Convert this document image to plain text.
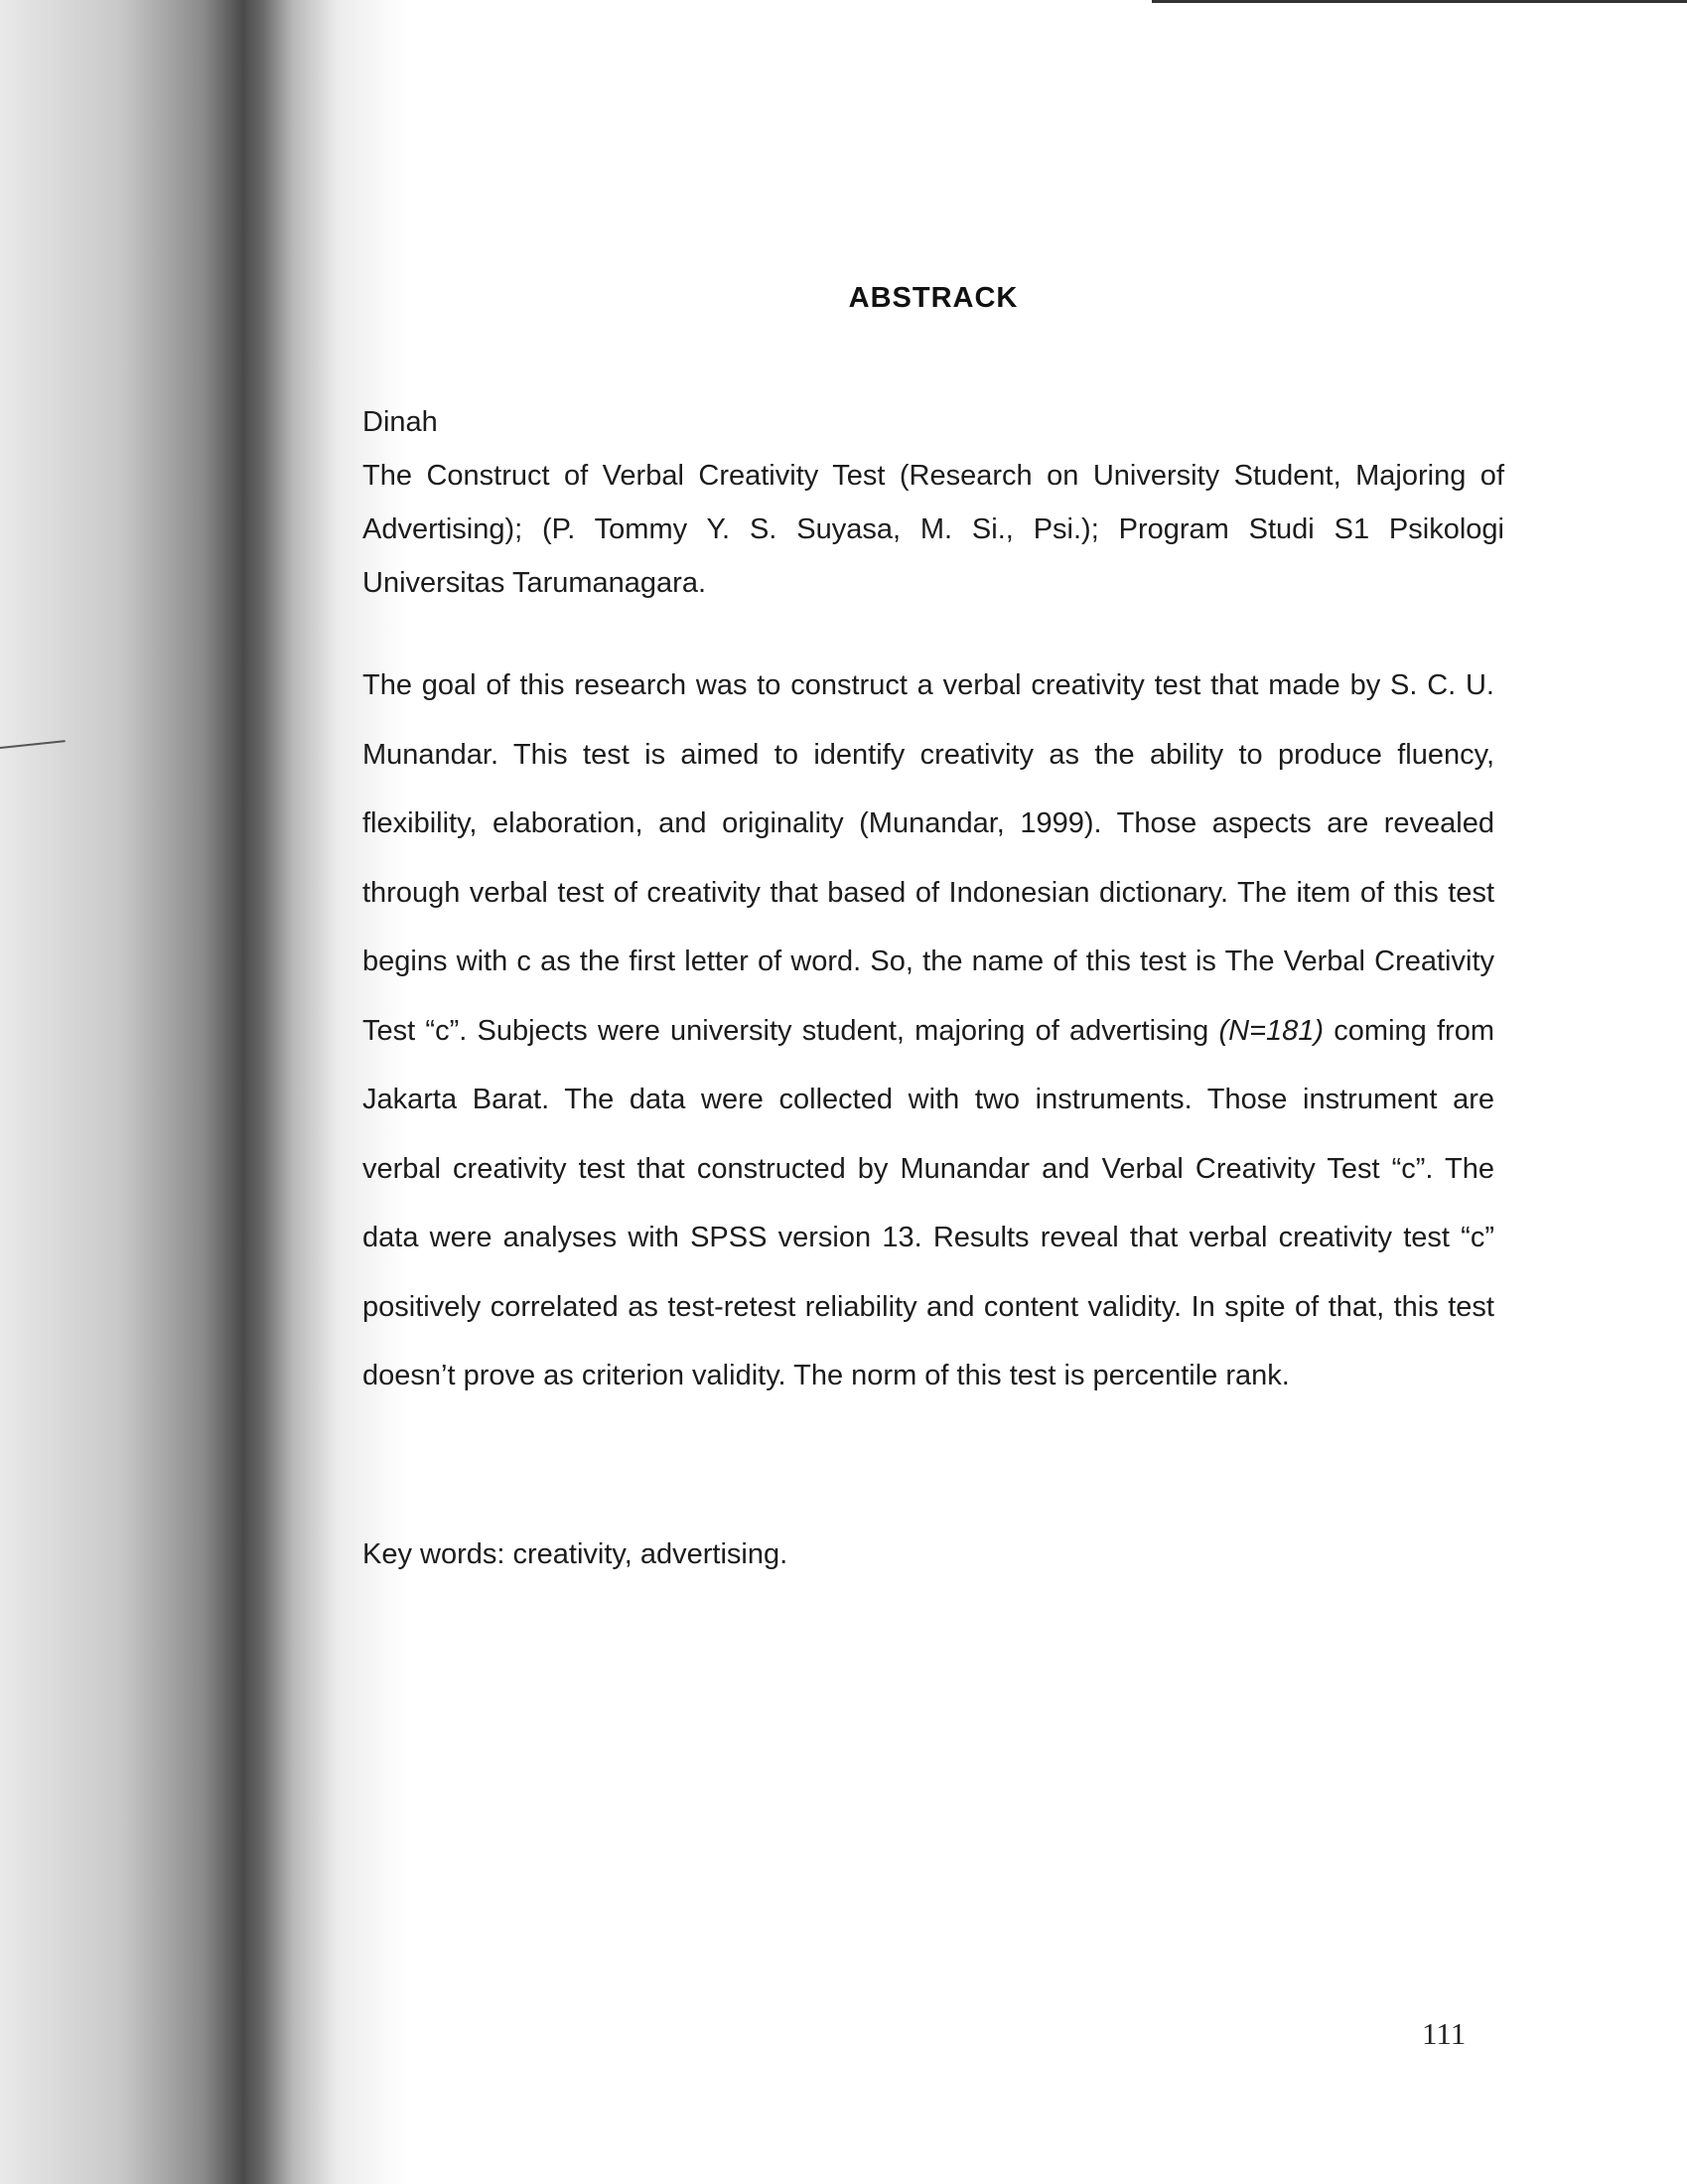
ABSTRACK

Dinah

The Construct of Verbal Creativity Test (Research on University Student, Majoring of Advertising); (P. Tommy Y. S. Suyasa, M. Si., Psi.); Program Studi S1 Psikologi Universitas Tarumanagara.

The goal of this research was to construct a verbal creativity test that made by S. C. U. Munandar. This test is aimed to identify creativity as the ability to produce fluency, flexibility, elaboration, and originality (Munandar, 1999). Those aspects are revealed through verbal test of creativity that based of Indonesian dictionary. The item of this test begins with c as the first letter of word. So, the name of this test is The Verbal Creativity Test “c”. Subjects were university student, majoring of advertising (N=181) coming from Jakarta Barat. The data were collected with two instruments. Those instrument are verbal creativity test that constructed by Munandar and Verbal Creativity Test “c”. The data were analyses with SPSS version 13. Results reveal that verbal creativity test “c” positively correlated as test-retest reliability and content validity. In spite of that, this test doesn’t prove as criterion validity. The norm of this test is percentile rank.

Key words: creativity, advertising.

111
